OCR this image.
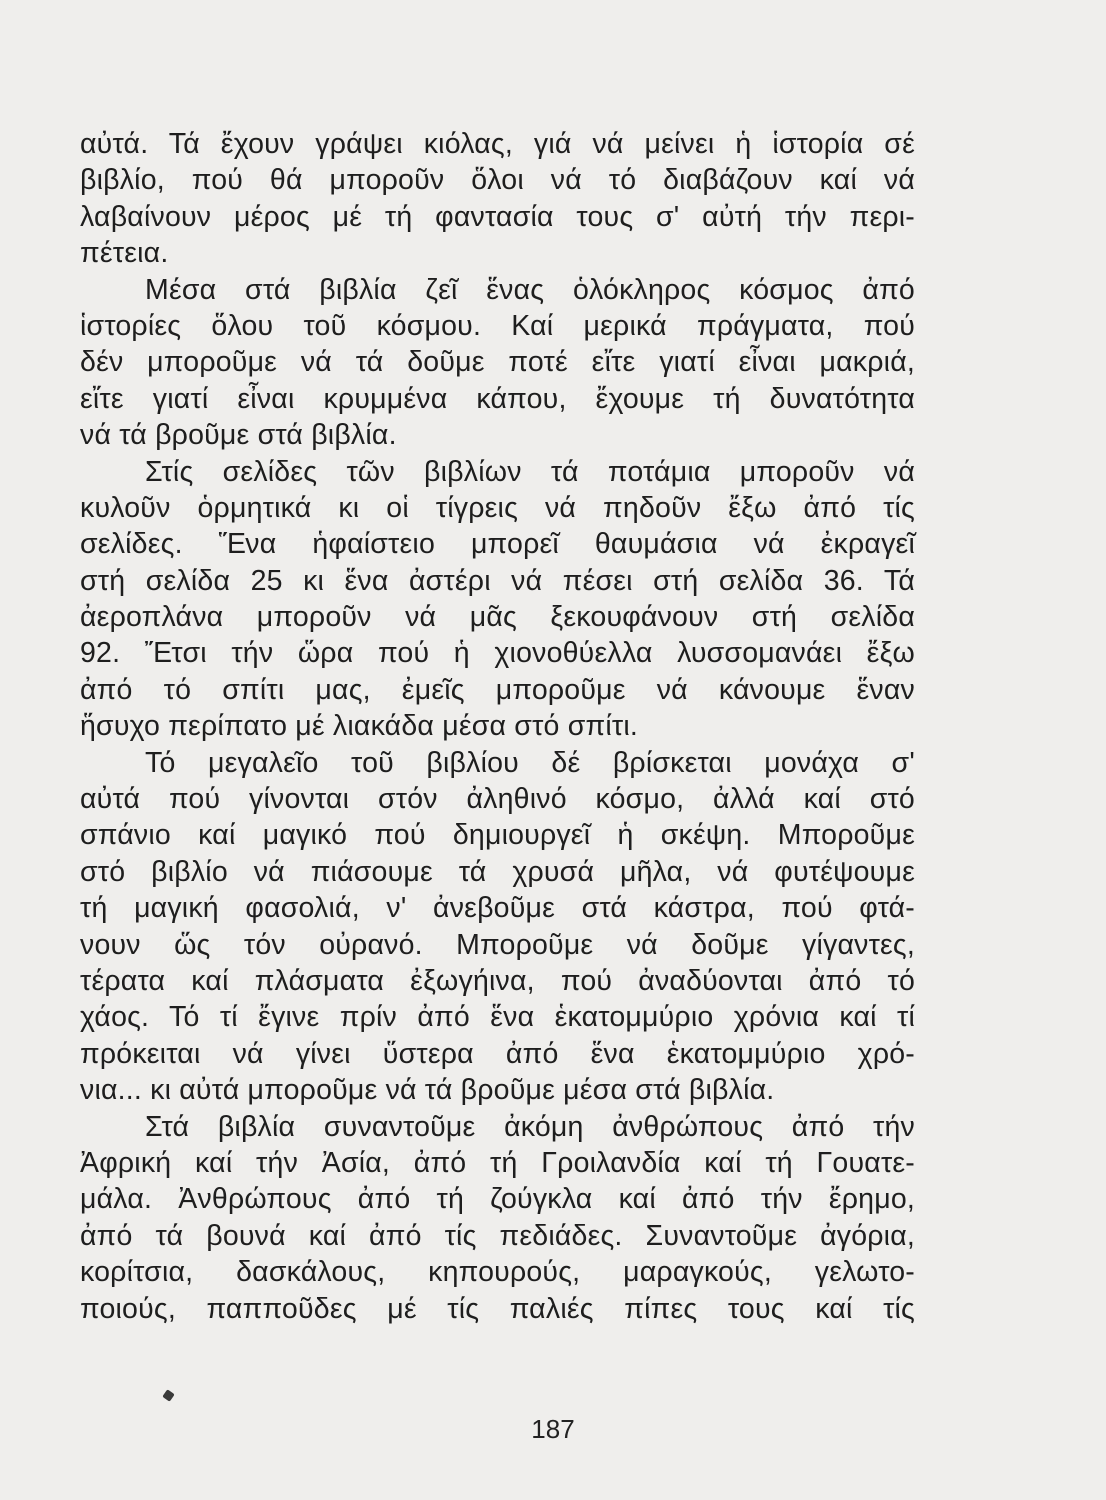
αὐτά. Τά ἔχουν γράψει κιόλας, γιά νά μείνει ἡ ἱστορία σέ
βιβλίο, πού θά μποροῦν ὅλοι νά τό διαβάζουν καί νά
λαβαίνουν μέρος μέ τή φαντασία τους σ' αὐτή τήν περι-
πέτεια.
Μέσα στά βιβλία ζεῖ ἕνας ὁλόκληρος κόσμος ἀπό
ἱστορίες ὅλου τοῦ κόσμου. Καί μερικά πράγματα, πού
δέν μποροῦμε νά τά δοῦμε ποτέ εἴτε γιατί εἶναι μακριά,
εἴτε γιατί εἶναι κρυμμένα κάπου, ἔχουμε τή δυνατότητα
νά τά βροῦμε στά βιβλία.
Στίς σελίδες τῶν βιβλίων τά ποτάμια μποροῦν νά
κυλοῦν ὁρμητικά κι οἱ τίγρεις νά πηδοῦν ἔξω ἀπό τίς
σελίδες. Ἕνα ἡφαίστειο μπορεῖ θαυμάσια νά ἐκραγεῖ
στή σελίδα 25 κι ἕνα ἀστέρι νά πέσει στή σελίδα 36. Τά
ἀεροπλάνα μποροῦν νά μᾶς ξεκουφάνουν στή σελίδα
92. Ἔτσι τήν ὥρα πού ἡ χιονοθύελλα λυσσομανάει ἔξω
ἀπό τό σπίτι μας, ἐμεῖς μποροῦμε νά κάνουμε ἕναν
ἥσυχο περίπατο μέ λιακάδα μέσα στό σπίτι.
Τό μεγαλεῖο τοῦ βιβλίου δέ βρίσκεται μονάχα σ'
αὐτά πού γίνονται στόν ἀληθινό κόσμο, ἀλλά καί στό
σπάνιο καί μαγικό πού δημιουργεῖ ἡ σκέψη. Μποροῦμε
στό βιβλίο νά πιάσουμε τά χρυσά μῆλα, νά φυτέψουμε
τή μαγική φασολιά, ν' ἀνεβοῦμε στά κάστρα, πού φτά-
νουν ὥς τόν οὐρανό. Μποροῦμε νά δοῦμε γίγαντες,
τέρατα καί πλάσματα ἐξωγήινα, πού ἀναδύονται ἀπό τό
χάος. Τό τί ἔγινε πρίν ἀπό ἕνα ἑκατομμύριο χρόνια καί τί
πρόκειται νά γίνει ὕστερα ἀπό ἕνα ἑκατομμύριο χρό-
νια... κι αὐτά μποροῦμε νά τά βροῦμε μέσα στά βιβλία.
Στά βιβλία συναντοῦμε ἀκόμη ἀνθρώπους ἀπό τήν
Ἀφρική καί τήν Ἀσία, ἀπό τή Γροιλανδία καί τή Γουατε-
μάλα. Ἀνθρώπους ἀπό τή ζούγκλα καί ἀπό τήν ἔρημο,
ἀπό τά βουνά καί ἀπό τίς πεδιάδες. Συναντοῦμε ἀγόρια,
κορίτσια, δασκάλους, κηπουρούς, μαραγκούς, γελωτο-
ποιούς, παπποῦδες μέ τίς παλιές πίπες τους καί τίς
187
